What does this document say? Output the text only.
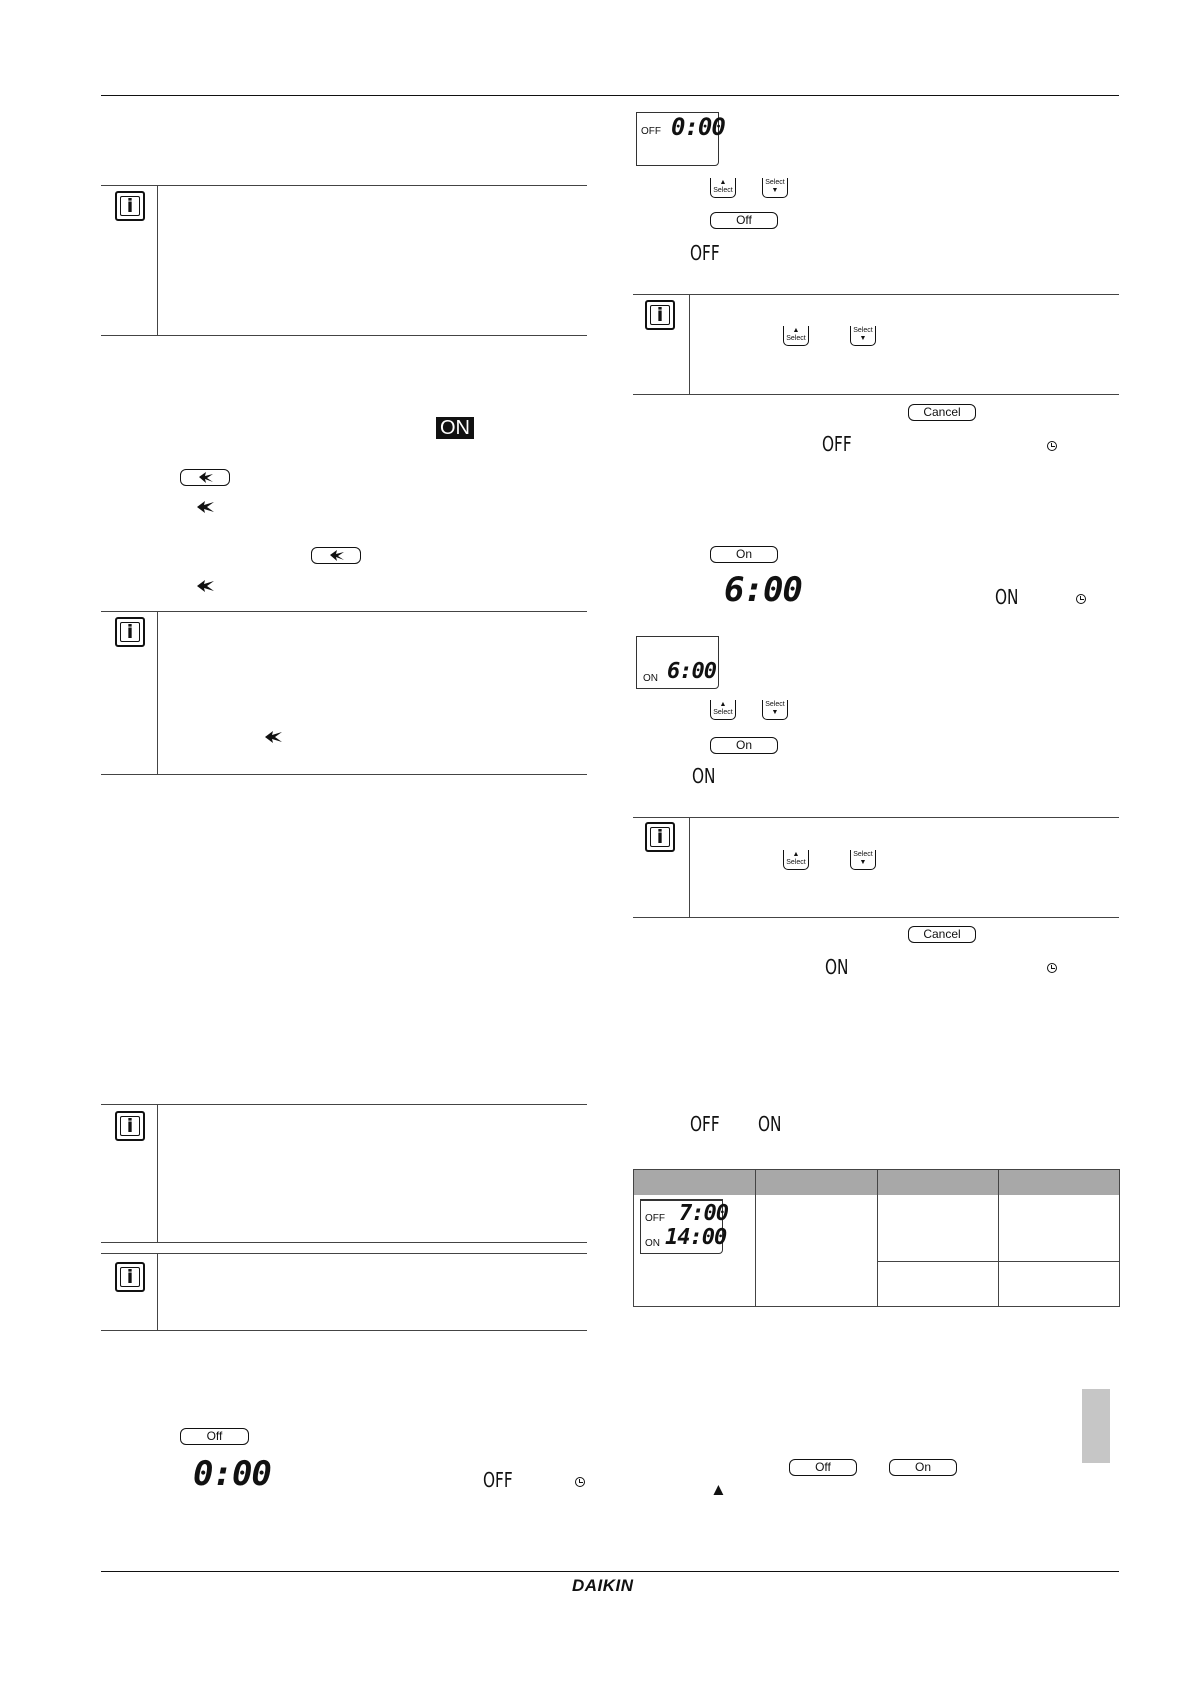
i
ON
i
i
i
Off
0:00	OFF
OFF 0:00
▲
Select
Select
▼
Off
OFF
i
▲
Select
Select
▼
Cancel
OFF
On
6:00	ON
ON 6:00
▲
Select
Select
▼
On
ON
i
▲
Select
Select
▼
Cancel
ON
OFF ON
OFF 7:00
ON 14:00
Off	On
▲
DAIKIN
